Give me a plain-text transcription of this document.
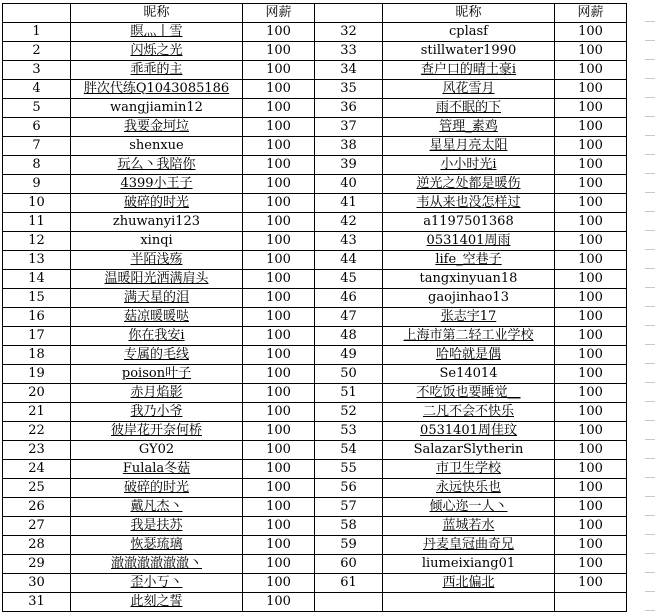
	昵称	网薪		昵称	网薪
1	瞑灬丨雪	100	32	cplasf	100
2	闪烁之光	100	33	stillwater1990	100
3	乖乖的主	100	34	查户口的晴土豪i	100
4	胖次代练Q1043085186	100	35	风花雪月	100
5	wangjiamin12	100	36	雨不眠的下	100
6	我要金坷垃	100	37	管理_素鸡	100
7	shenxue	100	38	星星月亮太阳	100
8	玩么丶我陪你	100	39	小小时光i	100
9	4399小王子	100	40	逆光之处都是暖伤	100
10	破碎的时光	100	41	韦从来也没怎样过	100
11	zhuwanyi123	100	42	a1197501368	100
12	xinqi	100	43	0531401周雨	100
13	半陌浅殇	100	44	life_空巷子	100
14	温暖阳光洒满肩头	100	45	tangxinyuan18	100
15	满天星的泪	100	46	gaojinhao13	100
16	菇凉暖暖哒	100	47	张志宇17	100
17	你在我安i	100	48	上海市第二轻工业学校	100
18	专属的毛线	100	49	哈哈就是偶	100
19	poison叶子	100	50	Se14014	100
20	赤月焰影	100	51	不吃饭也要睡觉__	100
21	我乃小爷	100	52	二凡不会不快乐	100
22	彼岸花开奈何桥	100	53	0531401周佳玟	100
23	GY02	100	54	SalazarSlytherin	100
24	Fulala冬菇	100	55	市卫生学校	100
25	破碎的时光	100	56	永远快乐也	100
26	戴凡杰丶	100	57	倾心迩一人丶	100
27	我是扶苏	100	58	蓝城若水	100
28	恢瑟琉璃	100	59	丹麦皇冠曲奇兄	100
29	澈澈澈澈澈澈丶	100	60	liumeixiang01	100
30	歪小丂丶	100	61	西北偏北	100
31	此刻之誓	100			
